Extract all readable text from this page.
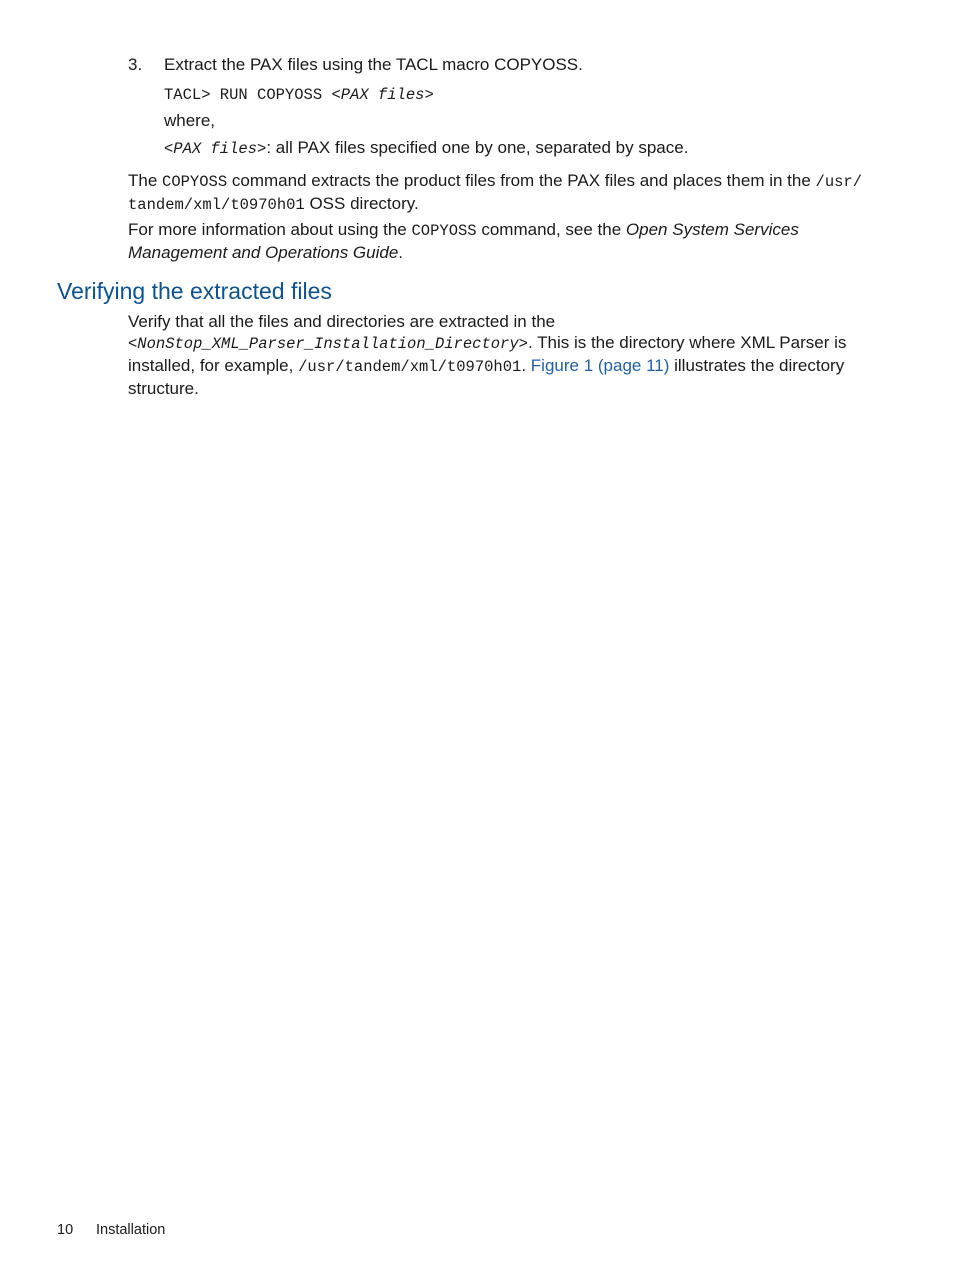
3. Extract the PAX files using the TACL macro COPYOSS.
TACL> RUN COPYOSS <PAX files>
where,
<PAX files>: all PAX files specified one by one, separated by space.
The COPYOSS command extracts the product files from the PAX files and places them in the /usr/ tandem/xml/t0970h01 OSS directory.
For more information about using the COPYOSS command, see the Open System Services Management and Operations Guide.
Verifying the extracted files
Verify that all the files and directories are extracted in the <NonStop_XML_Parser_Installation_Directory>. This is the directory where XML Parser is installed, for example, /usr/tandem/xml/t0970h01. Figure 1 (page 11) illustrates the directory structure.
10 Installation
